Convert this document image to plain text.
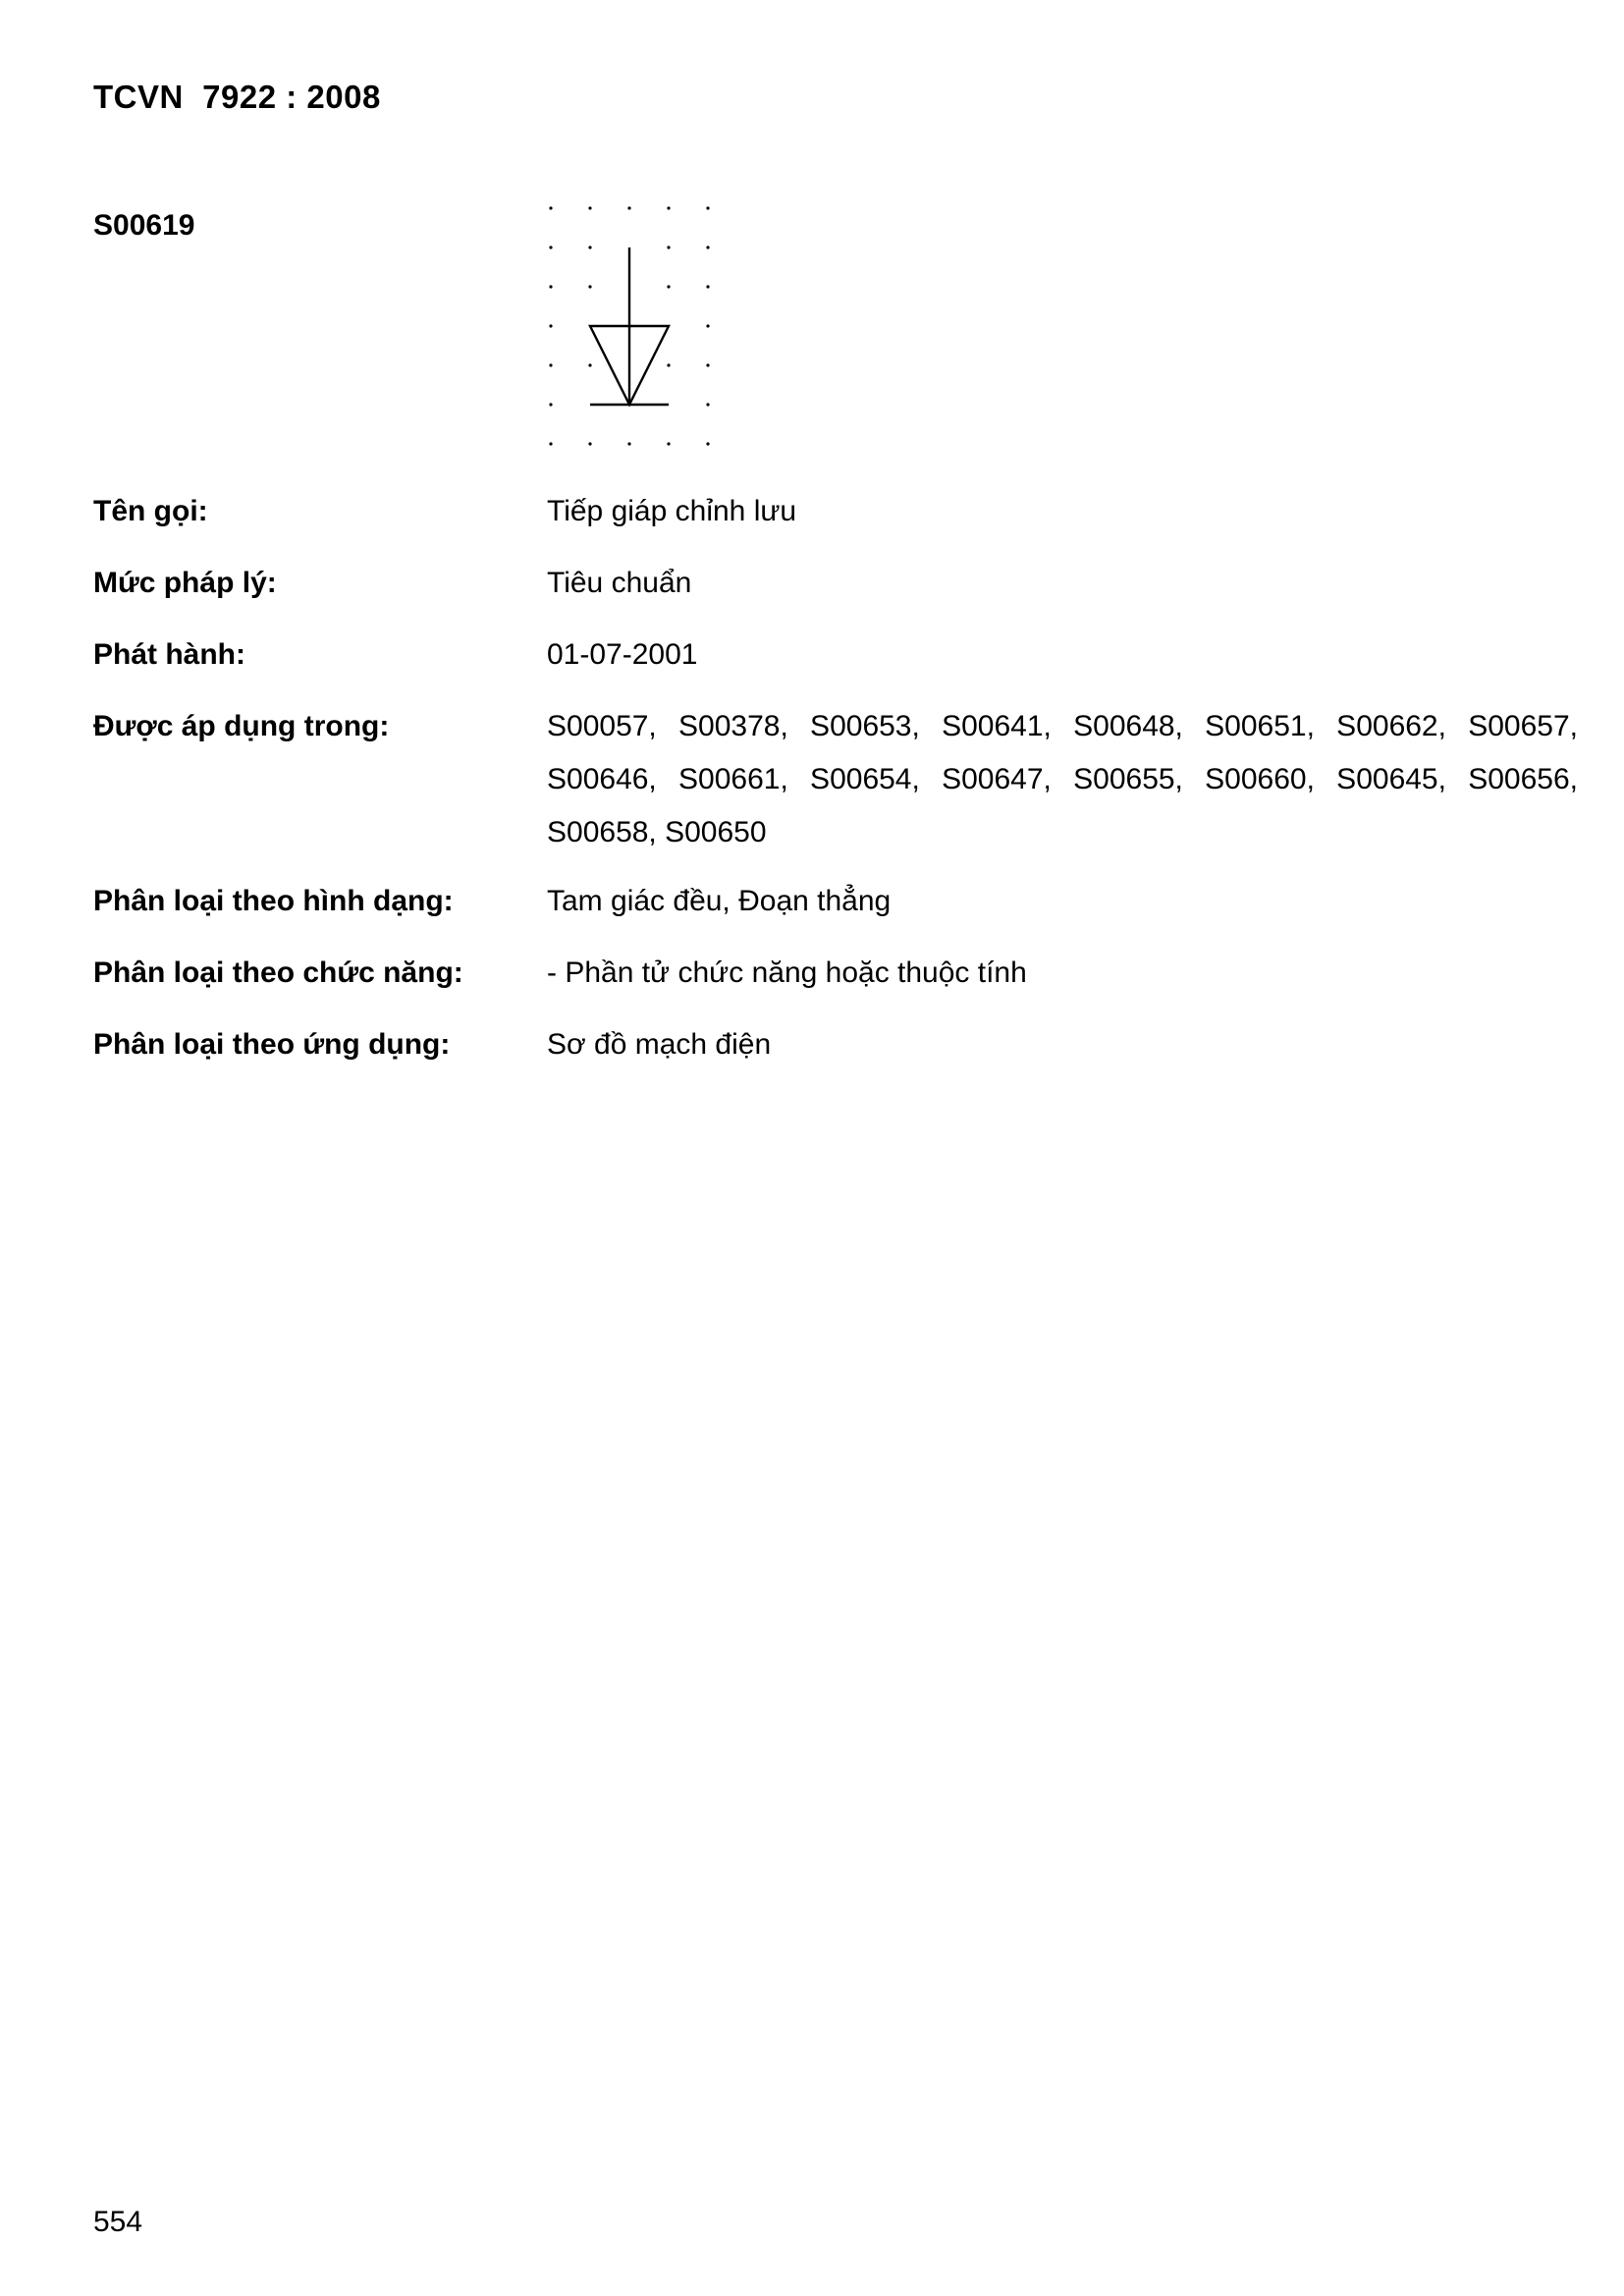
TCVN  7922 : 2008
S00619
Tên gọi:	Tiếp giáp chỉnh lưu
Mức pháp lý:	Tiêu chuẩn
Phát hành:	01-07-2001
Được áp dụng trong:	S00057, S00378, S00653, S00641, S00648, S00651, S00662, S00657, S00646, S00661, S00654, S00647, S00655, S00660, S00645, S00656, S00658, S00650
Phân loại theo hình dạng:	Tam giác đều, Đoạn thẳng
Phân loại theo chức năng:	- Phần tử chức năng hoặc thuộc tính
Phân loại theo ứng dụng:	Sơ đồ mạch điện
554
